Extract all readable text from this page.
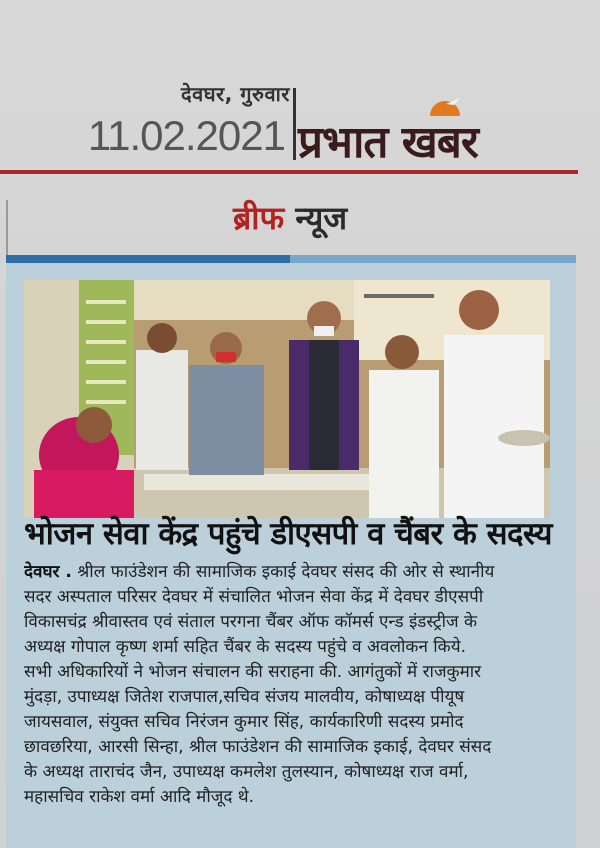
देवघर, गुरुवार
11.02.2021 प्रभात खबर
ब्रीफ न्यूज
भोजन सेवा केंद्र पहुंचे डीएसपी व चैंबर के सदस्य
देवघर . श्रील फाउंडेशन की सामाजिक इकाई देवघर संसद की ओर से स्थानीय
सदर अस्पताल परिसर देवघर में संचालित भोजन सेवा केंद्र में देवघर डीएसपी
विकासचंद्र श्रीवास्तव एवं संताल परगना चैंबर ऑफ कॉमर्स एन्ड इंडस्ट्रीज के
अध्यक्ष गोपाल कृष्ण शर्मा सहित चैंबर के सदस्य पहुंचे व अवलोकन किये.
सभी अधिकारियों ने भोजन संचालन की सराहना की. आगंतुकों में राजकुमार
मुंदड़ा, उपाध्यक्ष जितेश राजपाल,सचिव संजय मालवीय, कोषाध्यक्ष पीयूष
जायसवाल, संयुक्त सचिव निरंजन कुमार सिंह, कार्यकारिणी सदस्य प्रमोद
छावछरिया, आरसी सिन्हा, श्रील फाउंडेशन की सामाजिक इकाई, देवघर संसद
के अध्यक्ष ताराचंद जैन, उपाध्यक्ष कमलेश तुलस्यान, कोषाध्यक्ष राज वर्मा,
महासचिव राकेश वर्मा आदि मौजूद थे.
